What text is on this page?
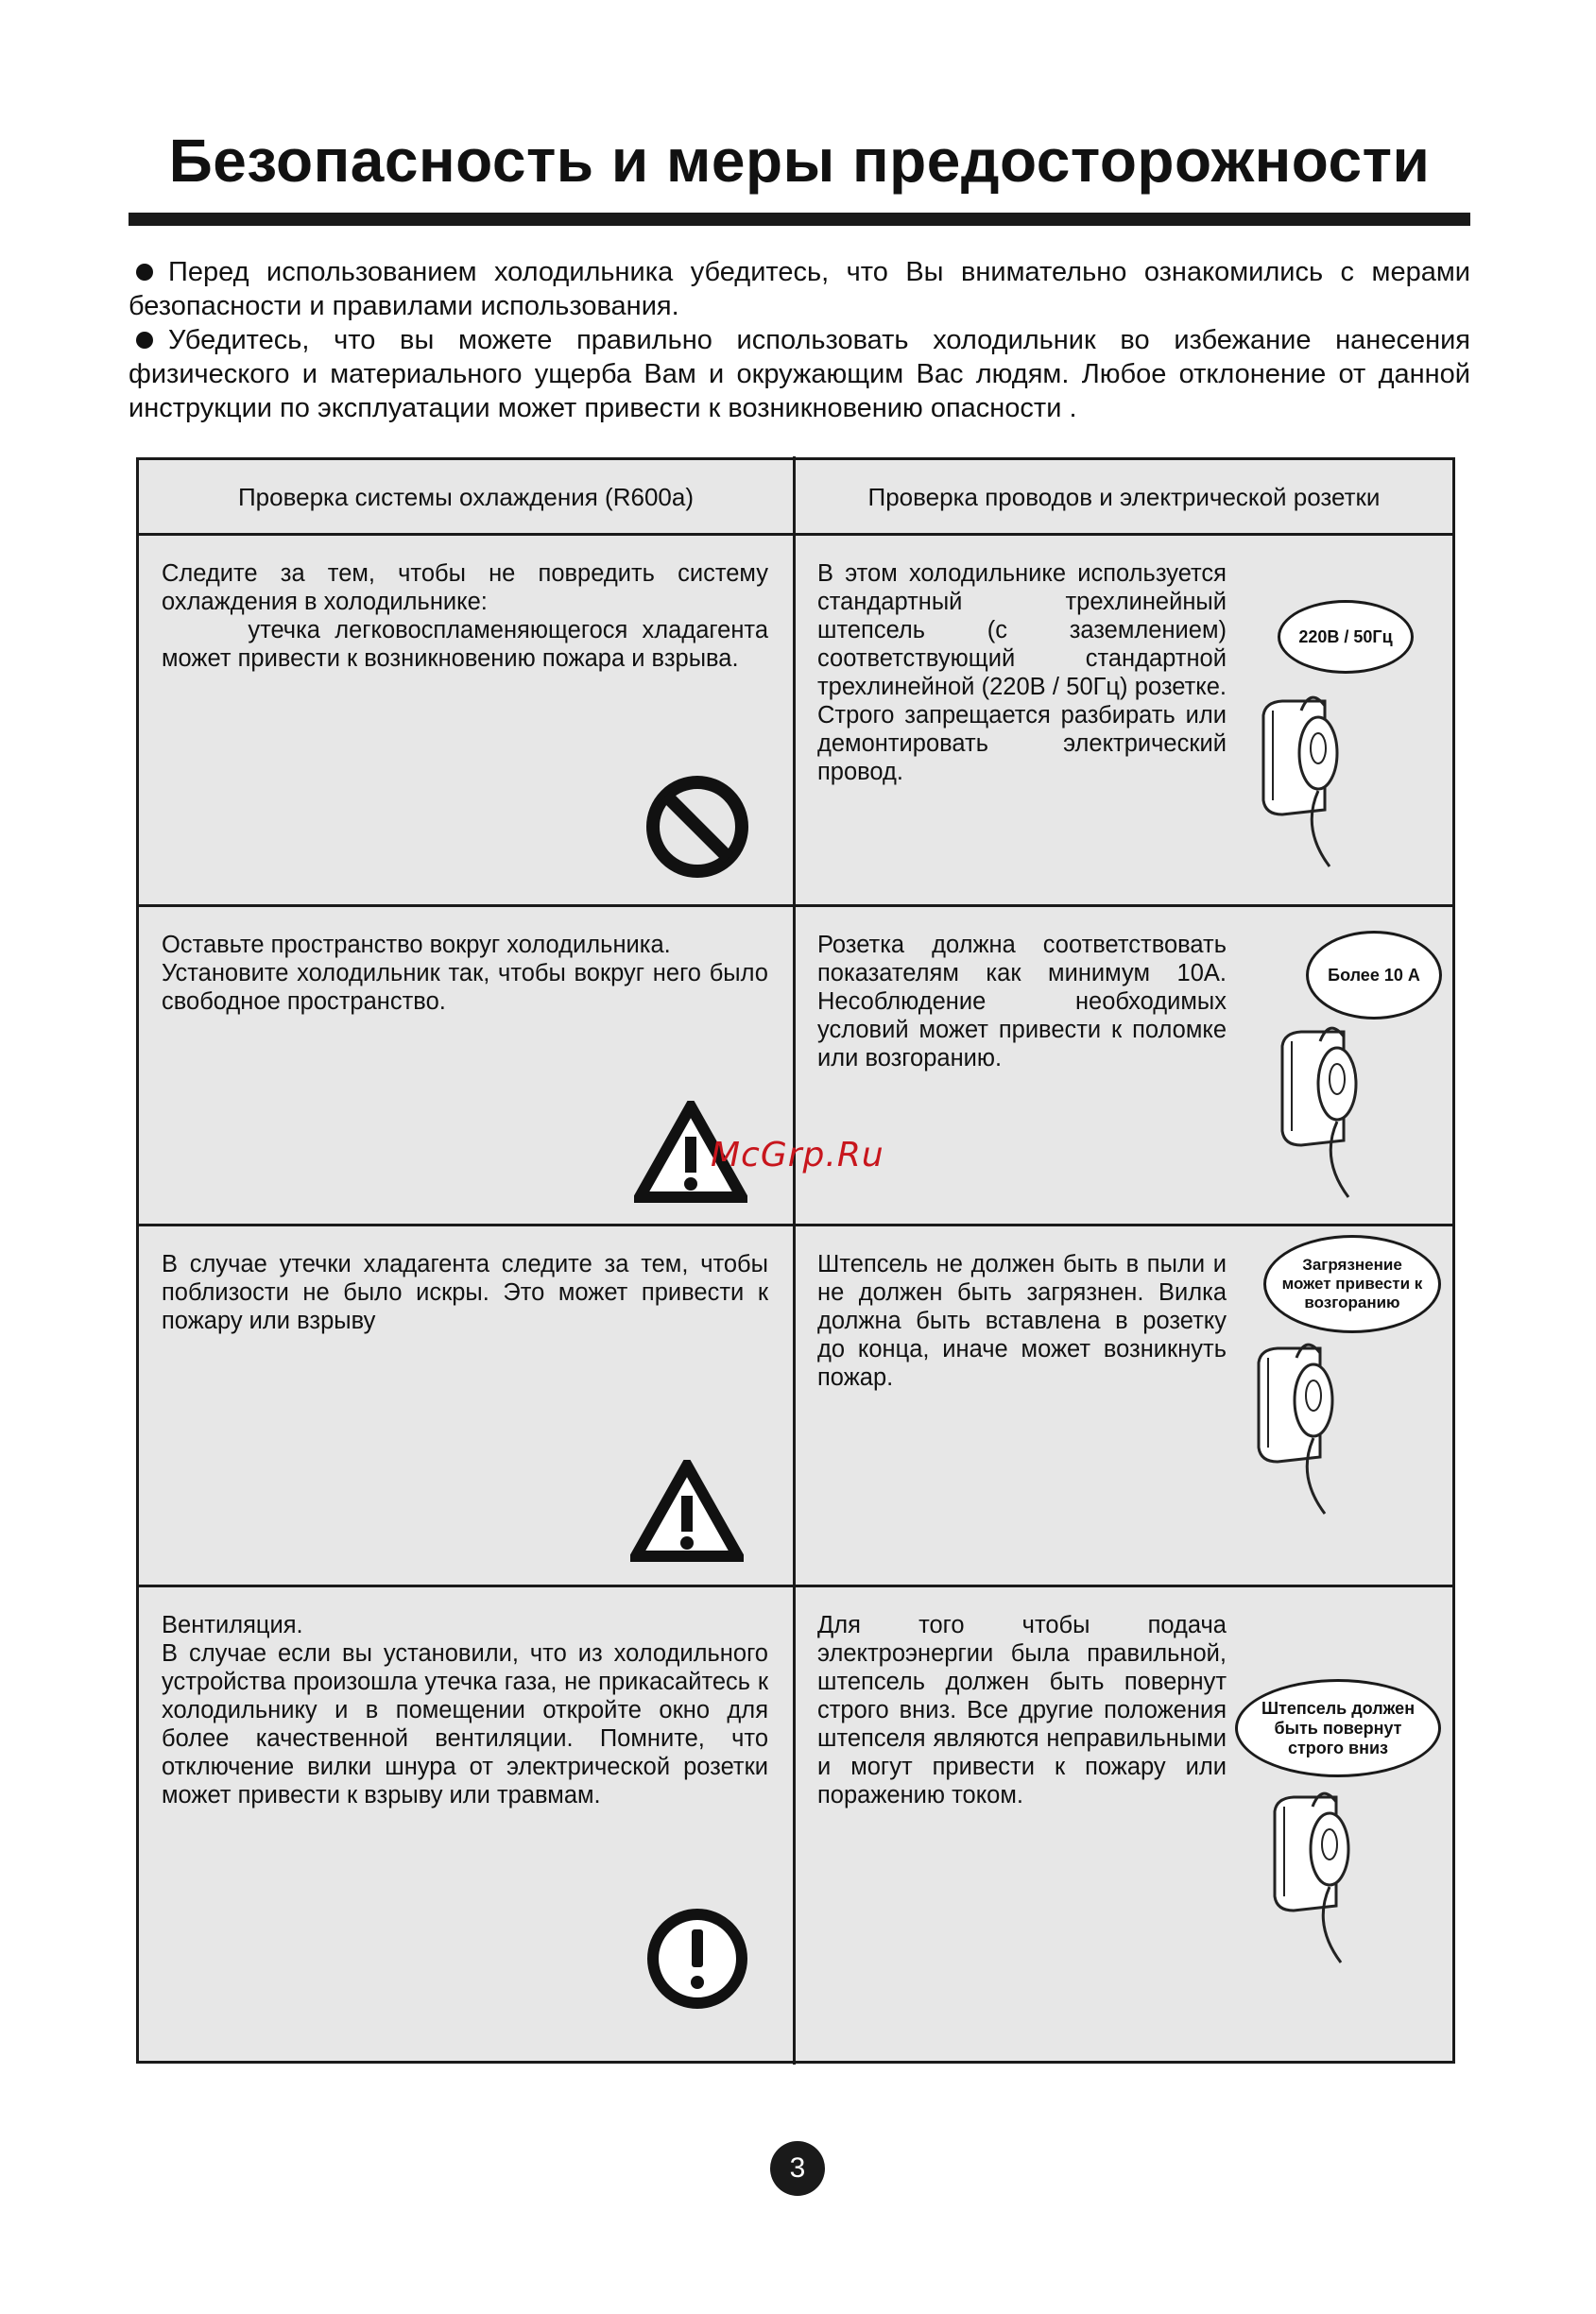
Безопасность и меры предосторожности

Перед использованием холодильника убедитесь, что Вы внимательно ознакомились с мерами безопасности и правилами использования.

Убедитесь, что вы можете правильно использовать холодильник во избежание нанесения физического и материального ущерба Вам и окружающим Вас людям. Любое отклонение от данной инструкции по эксплуатации может привести к возникновению опасности .

Проверка системы охлаждения (R600a)	Проверка проводов и электрической розетки

Следите за тем, чтобы не повредить систему охлаждения в холодильнике:

утечка легковоспламеняющегося хладагента может привести к возникновению пожара и взрыва.

В этом холодильнике используется стандартный трехлинейный штепсель (с заземлением) соответствующий стандартной трехлинейной (220В / 50Гц) розетке. Строго запрещается разбирать или демонтировать электрический провод.
220В / 50Гц

Оставьте пространство вокруг холодильника.

Установите холодильник так, чтобы вокруг него было свободное пространство.

Розетка должна соответствовать показателям как минимум 10А. Несоблюдение необходимых условий может привести к поломке или возгоранию.
Более 10 А
В случае утечки хладагента следите за тем, чтобы поблизости не было искры. Это может привести к пожару или взрыву
Штепсель не должен быть в пыли и не должен быть загрязнен. Вилка должна быть вставлена в розетку до конца, иначе может возникнуть пожар.
Загрязнение может привести к возгоранию

Вентиляция.

В случае если вы установили, что из холодильного устройства произошла утечка газа, не прикасайтесь к холодильнику и в помещении откройте окно для более качественной вентиляции. Помните, что отключение вилки шнура от электрической розетки может привести к взрыву или травмам.

Для того чтобы подача электроэнергии была правильной, штепсель должен быть повернут строго вниз. Все другие положения штепселя являются неправильными и могут привести к пожару или поражению током.
Штепсель должен быть повернут строго вниз
McGrp.Ru
3
